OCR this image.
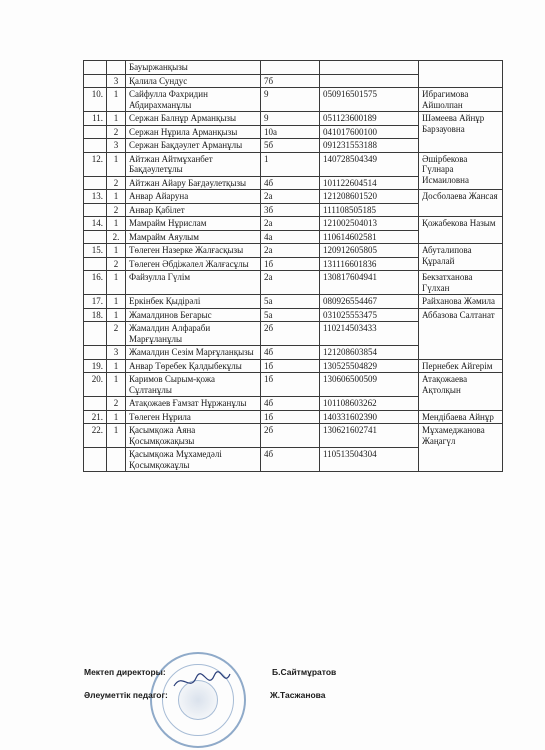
		Бауыржанқызы			
	3	Қалила Сундус	7б		
10.	1	Сайфулла Фахридин Абдирахманұлы	9	050916501575	Ибрагимова Айшолпан
11.	1	Сержан Балнұр Арманқызы	9	051123600189	Шәмеева Айнұр Барзауовна
	2	Сержан Нұрила Арманқызы	10а	041017600100	
	3	Сержан Бақдәулет Арманұлы	5б	091231553188	
12.	1	Айтжан Айтмұханбет Бақдәулетұлы	1	140728504349	Әшірбекова Гүлнара Исмаиловна
	2	Айтжан Айару Бағдәулетқызы	4б	101122604514	
13.	1	Анвар Айаруна	2а	121208601520	Досболаева Жансая
	2	Анвар Қабілет	3б	111108505185	
14.	1	Мамрайм Нұрислам	2а	121002504013	Қожабекова Назым
	2.	Мамрайм Аяулым	4а	110614602581	
15.	1	Төлеген Назерке Жалғасқызы	2а	120912605805	Абуталипова Құралай
	2	Төлеген Әбдіжәлел Жалғасұлы	1б	131116601836	
16.	1	Файзулла Гүлім	2а	130817604941	Бекзатханова Гүлхан
17.	1	Еркінбек Қыдірәлі	5а	080926554467	Райханова Жәмила
18.	1	Жамалдинов Бегарыс	5а	031025553475	Аббазова Салтанат
	2	Жамалдин Алфараби Марғұланұлы	2б	110214503433	
	3	Жамалдин Сезім Марғұланқызы	4б	121208603854	
19.	1	Анвар Төребек Қалдыбекұлы	1б	130525504829	Пернебек Айгерім
20.	1	Каримов Сырым-қожа Сұлтанұлы	1б	130606500509	Атақожаева Ақтолқын
	2	Атақожаев Ғамзат Нұржанұлы	4б	101108603262	
21.	1	Төлеген Нұрила	1б	140331602390	Мендібаева Айнұр
22.	1	Қасымқожа Аяна Қосымқожақызы	2б	130621602741	Мұхамеджанова Жаңагүл
		Қасымқожа Мұхамедәлі Қосымқожаұлы	4б	110513504304	
Мектеп директоры:	Б.Сайтмұратов
Әлеуметтік педагог:	Ж.Тасжанова
